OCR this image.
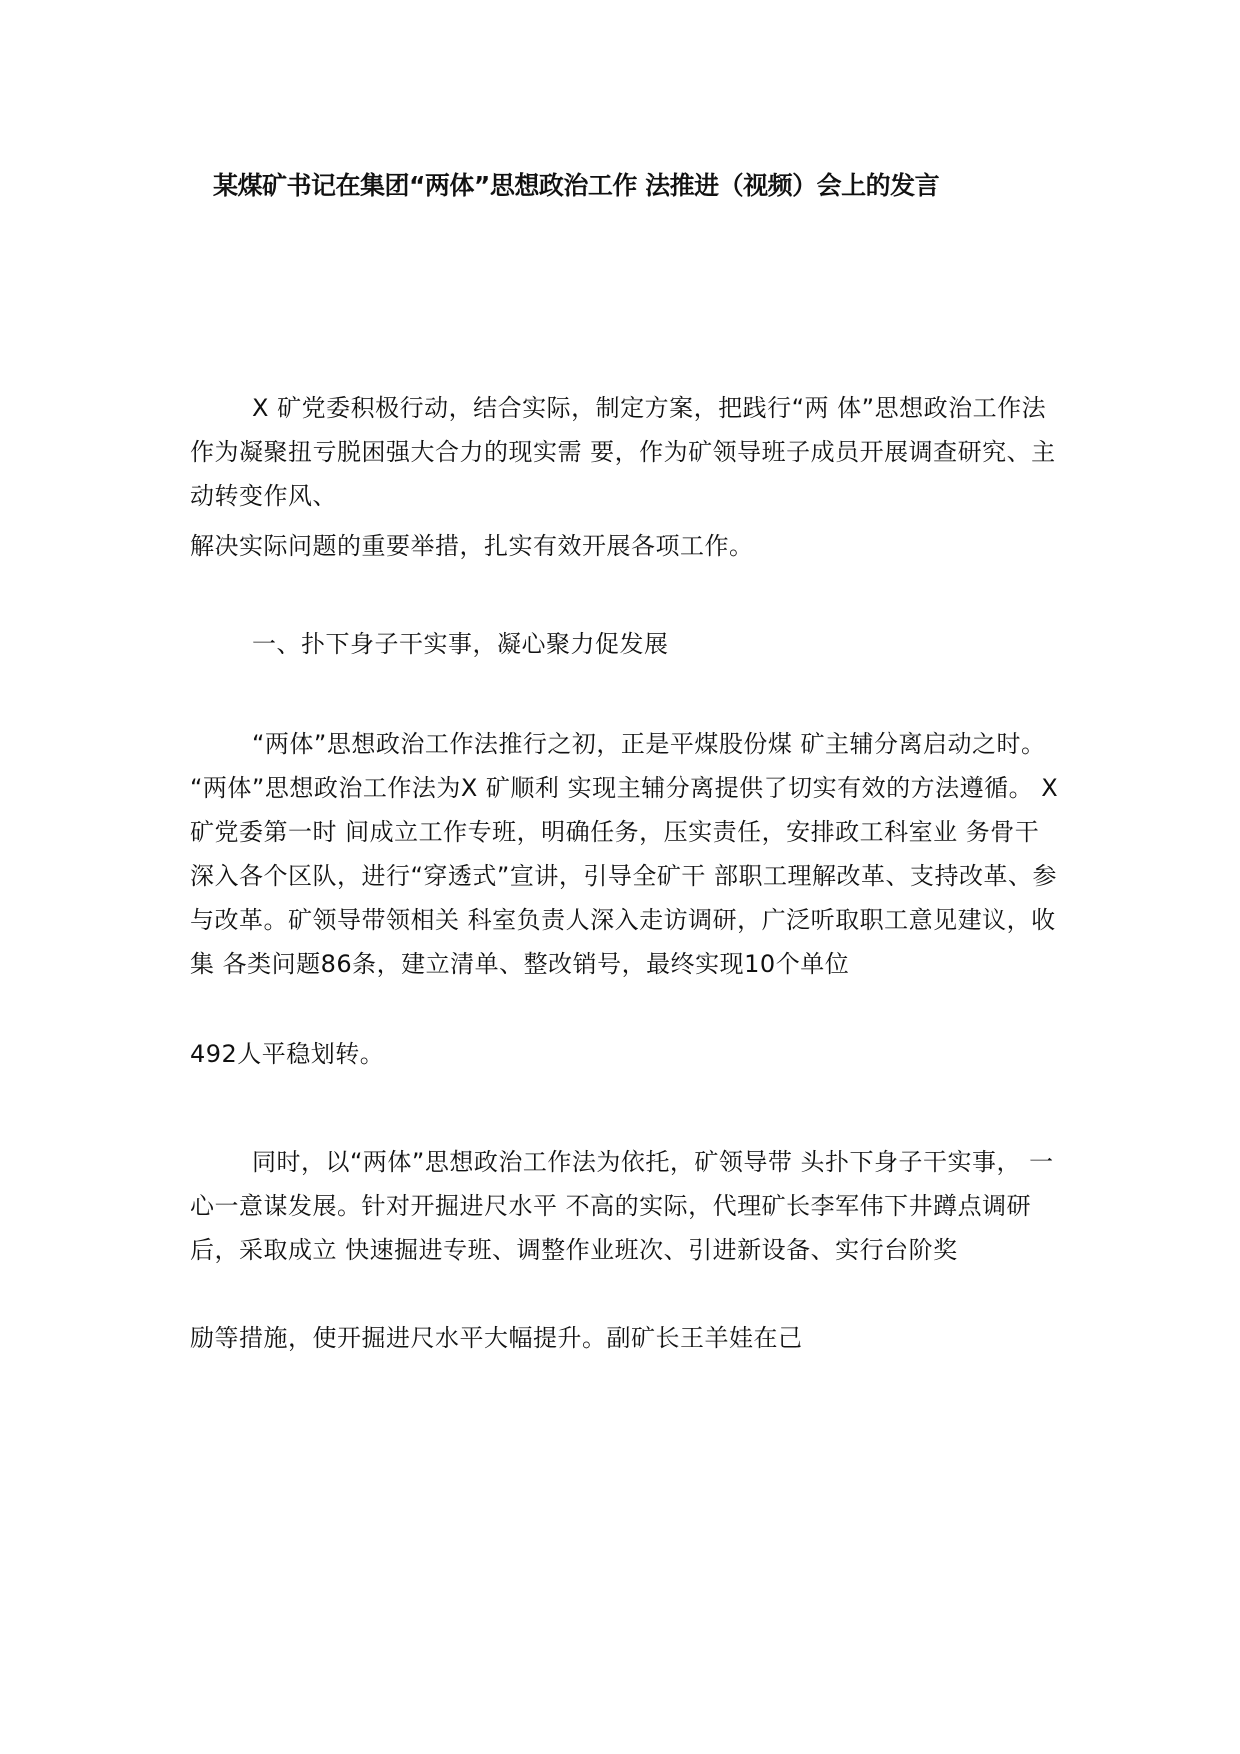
某煤矿书记在集团“两体”思想政治工作 法推进（视频）会上的发言

X 矿党委积极行动，结合实际，制定方案，把践行“两 体”思想政治工作法作为凝聚扭亏脱困强大合力的现实需 要，作为矿领导班子成员开展调查研究、主动转变作风、

解决实际问题的重要举措，扎实有效开展各项工作。

一、扑下身子干实事，凝心聚力促发展

“两体”思想政治工作法推行之初，正是平煤股份煤 矿主辅分离启动之时。 “两体”思想政治工作法为X 矿顺利 实现主辅分离提供了切实有效的方法遵循。 X 矿党委第一时 间成立工作专班，明确任务，压实责任，安排政工科室业 务骨干深入各个区队，进行“穿透式”宣讲，引导全矿干 部职工理解改革、支持改革、参与改革。矿领导带领相关 科室负责人深入走访调研，广泛听取职工意见建议，收集 各类问题86条，建立清单、整改销号，最终实现10个单位

492人平稳划转。

同时，以“两体”思想政治工作法为依托，矿领导带 头扑下身子干实事， 一心一意谋发展。针对开掘进尺水平 不高的实际，代理矿长李军伟下井蹲点调研后，采取成立 快速掘进专班、调整作业班次、引进新设备、实行台阶奖

励等措施，使开掘进尺水平大幅提升。副矿长王羊娃在己
